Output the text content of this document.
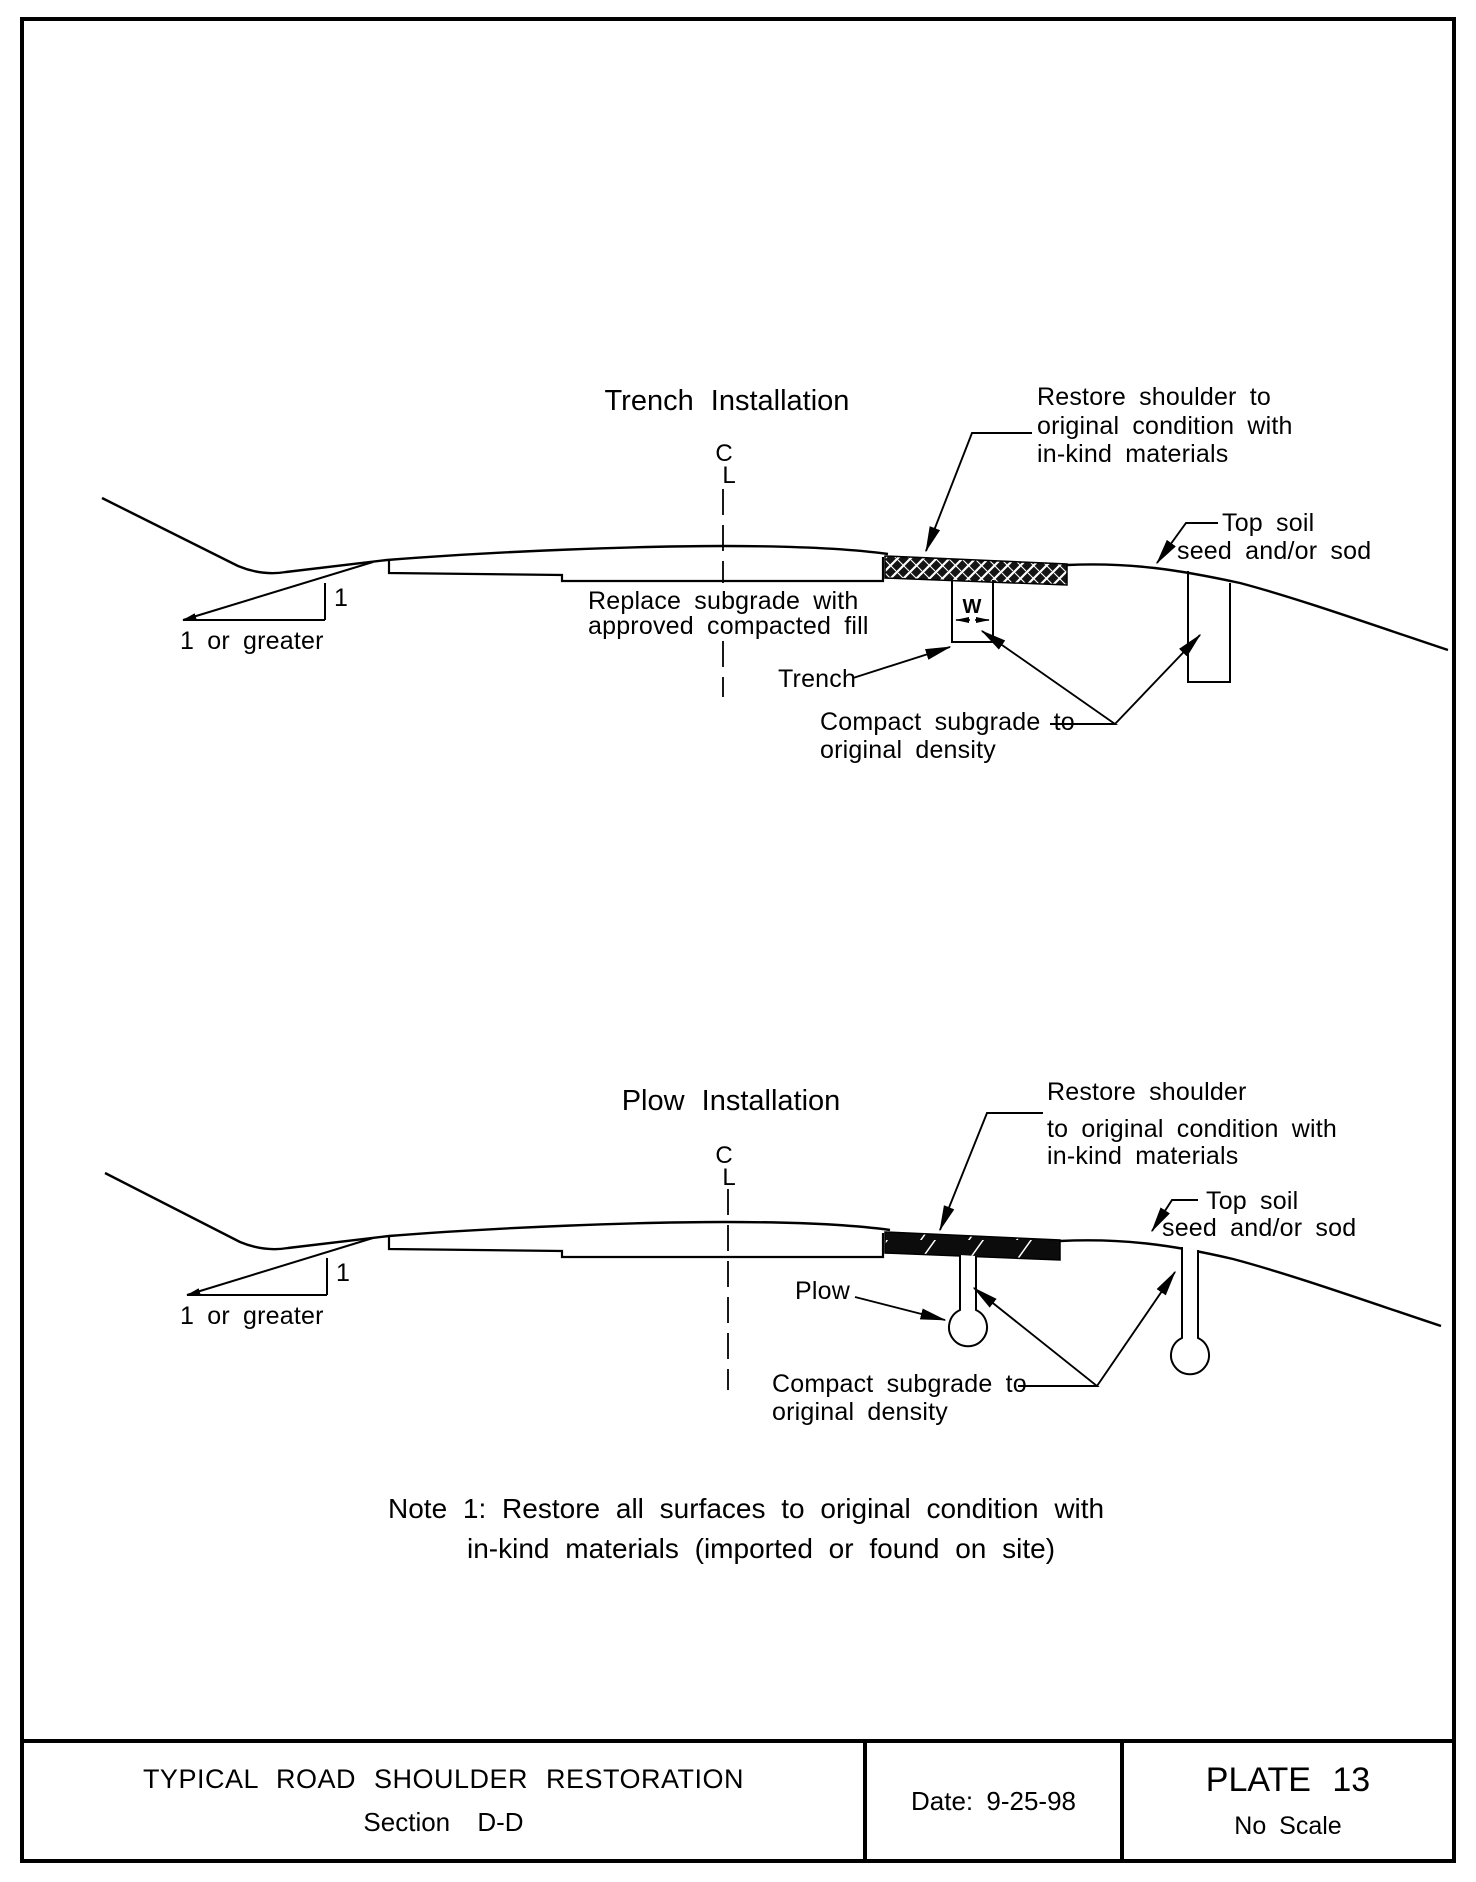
Trench Installation
C
L
Restore shoulder to
original condition with
in-kind materials
Top soil
seed and/or sod
Replace subgrade with
approved compacted fill
Trench
Compact subgrade to
original density
W
1
1 or greater
Plow Installation
C
L
Restore shoulder
to original condition with
in-kind materials
Top soil
seed and/or sod
Plow
Compact subgrade to
original density
1
1 or greater
Note 1: Restore all surfaces to original condition with
in-kind materials (imported or found on site)
TYPICAL ROAD SHOULDER RESTORATION
Section D-D
Date: 9-25-98
PLATE 13
No Scale
